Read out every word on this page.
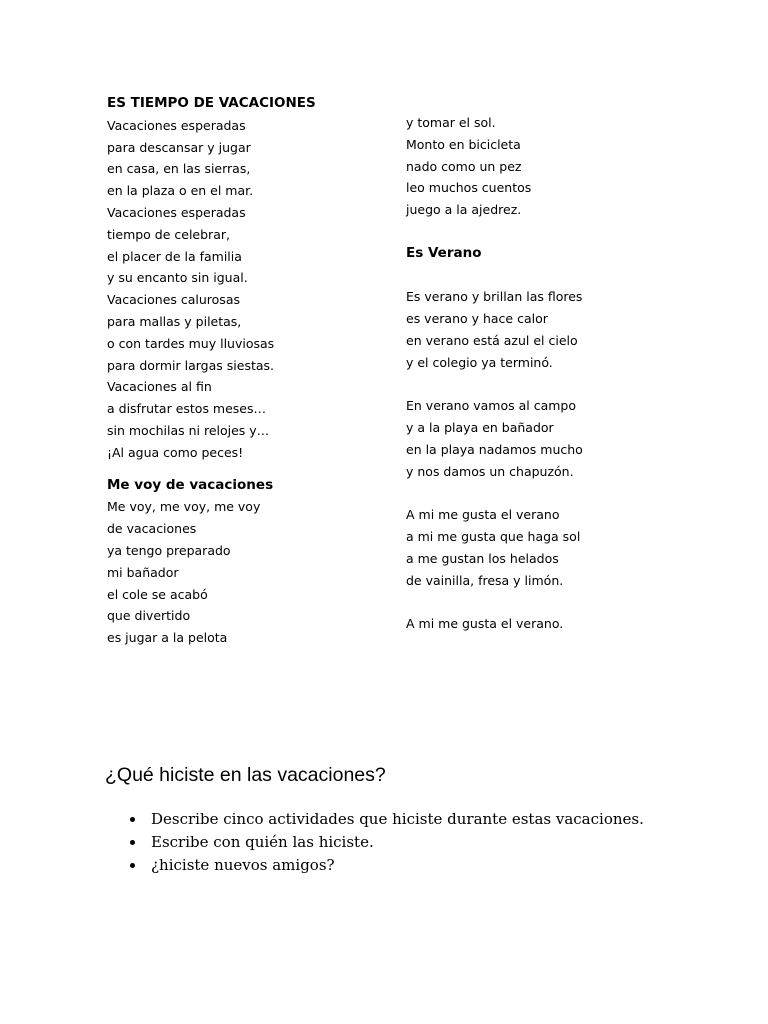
ES TIEMPO DE VACACIONES
Vacaciones esperadas
para descansar y jugar
en casa, en las sierras,
en la plaza o en el mar.
Vacaciones esperadas
tiempo de celebrar,
el placer de la familia
y su encanto sin igual.
Vacaciones calurosas
para mallas y piletas,
o con tardes muy lluviosas
para dormir largas siestas.
Vacaciones al fin
a disfrutar estos meses…
sin mochilas ni relojes y…
¡Al agua como peces!
Me voy de vacaciones
Me voy, me voy, me voy
de vacaciones
ya tengo preparado
mi bañador
el cole se acabó
que divertido
es jugar a la pelota
y tomar el sol.
Monto en bicicleta
nado como un pez
leo muchos cuentos
juego a la ajedrez.
Es Verano
Es verano y brillan las flores
es verano y hace calor
en verano está azul el cielo
y el colegio ya terminó.
En verano vamos al campo
y a la playa en bañador
en la playa nadamos mucho
y nos damos un chapuzón.
A mi me gusta el verano
a mi me gusta que haga sol
a me gustan los helados
de vainilla, fresa y limón.
A mi me gusta el verano.
¿Qué hiciste en las vacaciones?
Describe cinco actividades que hiciste durante estas vacaciones.
Escribe con quién las hiciste.
¿hiciste nuevos amigos?
